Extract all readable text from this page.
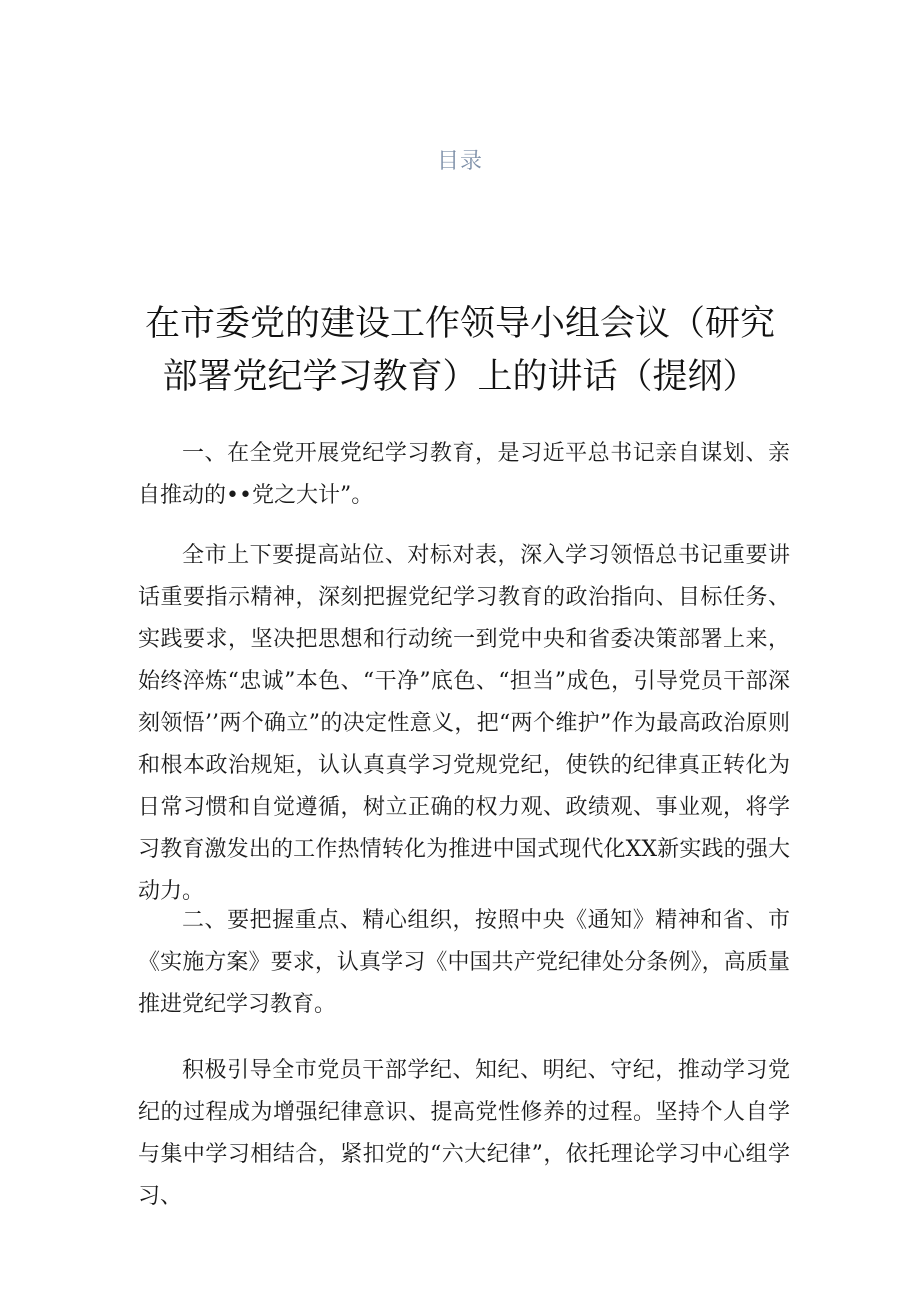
目录
在市委党的建设工作领导小组会议（研究
部署党纪学习教育）上的讲话（提纲）

一、在全党开展党纪学习教育，是习近平总书记亲自谋划、亲自推动的••党之大计”。

全市上下要提高站位、对标对表，深入学习领悟总书记重要讲话重要指示精神，深刻把握党纪学习教育的政治指向、目标任务、实践要求，坚决把思想和行动统一到党中央和省委决策部署上来，始终淬炼“忠诚”本色、“干净”底色、“担当”成色，引导党员干部深刻领悟’’两个确立”的决定性意义，把“两个维护”作为最高政治原则和根本政治规矩，认认真真学习党规党纪，使铁的纪律真正转化为日常习惯和自觉遵循，树立正确的权力观、政绩观、事业观，将学习教育激发出的工作热情转化为推进中国式现代化XX新实践的强大动力。

二、要把握重点、精心组织，按照中央《通知》精神和省、市《实施方案》要求，认真学习《中国共产党纪律处分条例》，高质量推进党纪学习教育。

积极引导全市党员干部学纪、知纪、明纪、守纪，推动学习党纪的过程成为增强纪律意识、提高党性修养的过程。坚持个人自学与集中学习相结合，紧扣党的“六大纪律”，依托理论学习中心组学习、
